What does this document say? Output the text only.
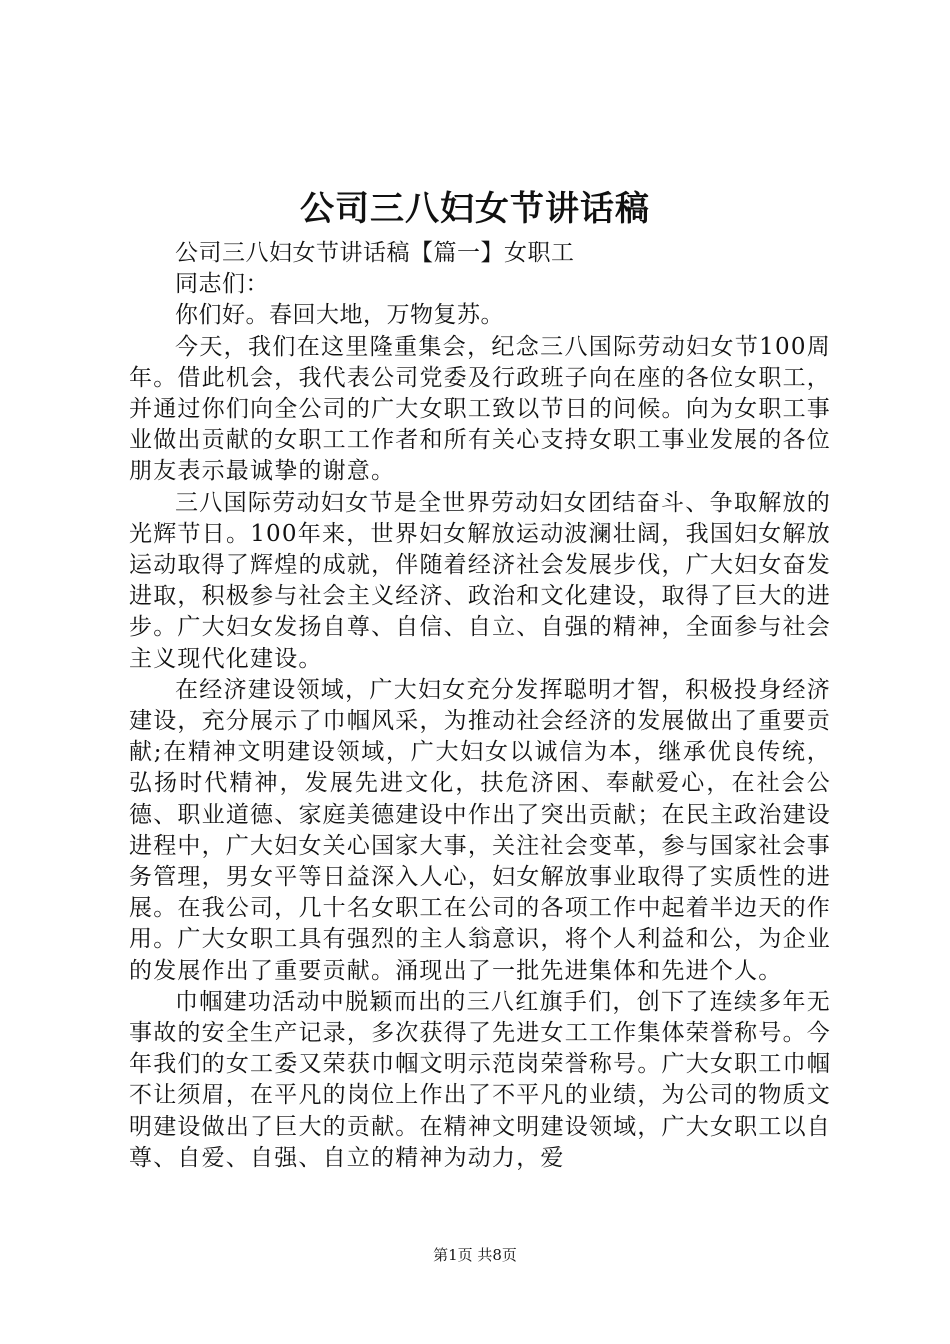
公司三八妇女节讲话稿

公司三八妇女节讲话稿【篇一】女职工

同志们：

你们好。春回大地，万物复苏。

今天，我们在这里隆重集会，纪念三八国际劳动妇女节100周年。借此机会，我代表公司党委及行政班子向在座的各位女职工，并通过你们向全公司的广大女职工致以节日的问候。向为女职工事业做出贡献的女职工工作者和所有关心支持女职工事业发展的各位朋友表示最诚挚的谢意。

三八国际劳动妇女节是全世界劳动妇女团结奋斗、争取解放的光辉节日。100年来，世界妇女解放运动波澜壮阔，我国妇女解放运动取得了辉煌的成就，伴随着经济社会发展步伐，广大妇女奋发进取，积极参与社会主义经济、政治和文化建设，取得了巨大的进步。广大妇女发扬自尊、自信、自立、自强的精神，全面参与社会主义现代化建设。

在经济建设领域，广大妇女充分发挥聪明才智，积极投身经济建设，充分展示了巾帼风采，为推动社会经济的发展做出了重要贡献;在精神文明建设领域，广大妇女以诚信为本，继承优良传统，弘扬时代精神，发展先进文化，扶危济困、奉献爱心，在社会公德、职业道德、家庭美德建设中作出了突出贡献；在民主政治建设进程中，广大妇女关心国家大事，关注社会变革，参与国家社会事务管理，男女平等日益深入人心，妇女解放事业取得了实质性的进展。在我公司，几十名女职工在公司的各项工作中起着半边天的作用。广大女职工具有强烈的主人翁意识，将个人利益和公，为企业的发展作出了重要贡献。涌现出了一批先进集体和先进个人。

巾帼建功活动中脱颖而出的三八红旗手们，创下了连续多年无事故的安全生产记录，多次获得了先进女工工作集体荣誉称号。今年我们的女工委又荣获巾帼文明示范岗荣誉称号。广大女职工巾帼不让须眉，在平凡的岗位上作出了不平凡的业绩，为公司的物质文明建设做出了巨大的贡献。在精神文明建设领域，广大女职工以自尊、自爱、自强、自立的精神为动力，爱

第1页 共8页
